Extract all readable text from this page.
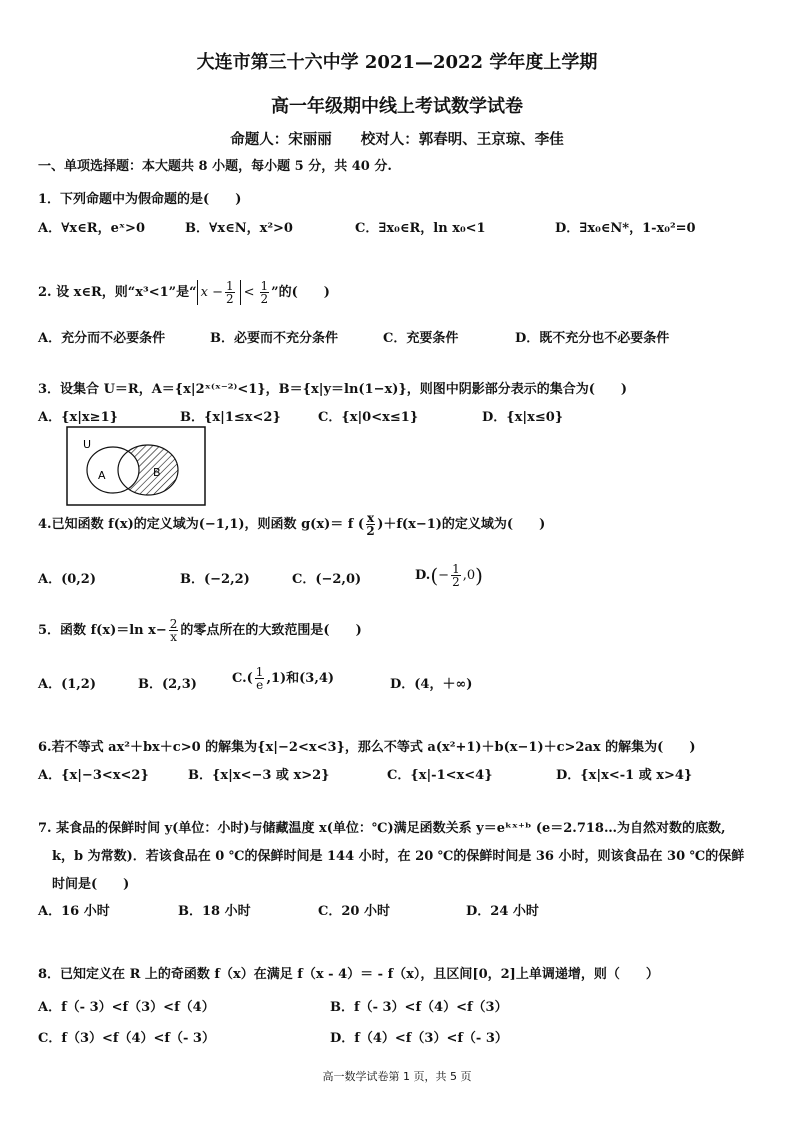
大连市第三十六中学 2021—2022 学年度上学期
高一年级期中线上考试数学试卷
命题人：宋丽丽　　校对人：郭春明、王京琼、李佳
一、单项选择题：本大题共 8 小题，每小题 5 分，共 40 分.
1．下列命题中为假命题的是(　　)
A．∀x∈R，eˣ>0	B．∀x∈N，x²>0	C．∃x₀∈R，ln x₀<1	D．∃x₀∈N*，1-x₀²=0
2. 设 x∈R，则“x³<1”是“ $x - \frac{1}{2} < \frac{1}{2}$ ”的(　　)
A．充分而不必要条件	B．必要而不充分条件	C．充要条件	D．既不充分也不必要条件
3．设集合 U＝R，A＝{x|2ˣ⁽ˣ⁻²⁾<1}，B＝{x|y＝ln(1−x)}，则图中阴影部分表示的集合为(　　)
A．{x|x≥1}	B．{x|1≤x<2}	C．{x|0<x≤1}	D．{x|x≤0}
U
A	B
4.已知函数 f(x)的定义域为(−1,1)，则函数 g(x)＝ f ( $\frac{x}{2} )+f(x-1)$的定义域为(　　)
A．(0,2)	B．(−2,2)	C．(−2,0)	$D.(- \frac{1}{2} ,0)$
5．函数 f(x)＝ln $x- \frac{2}{x}$ 的零点所在的大致范围是(　　)
A．(1,2)	B．(2,3)	$C.( \frac{1}{e} ,1)$和(3,4)	D．(4，＋∞)
6.若不等式 ax²＋bx＋c>0 的解集为{x|−2<x<3}，那么不等式 a(x²+1)＋b(x−1)＋c>2ax 的解集为(　　)
A．{x|−3<x<2}	B．{x|x<−3 或 x>2}	C．{x|-1<x<4}	D．{x|x<-1 或 x>4}
7. 某食品的保鲜时间 y(单位：小时)与储藏温度 x(单位：℃)满足函数关系 y＝eᵏˣ⁺ᵇ (e＝2.718…为自然对数的底数,
k，b 为常数)．若该食品在 0 ℃的保鲜时间是 144 小时，在 20 ℃的保鲜时间是 36 小时，则该食品在 30 ℃的保鲜
时间是(　　)
A．16 小时	B．18 小时	C．20 小时	D．24 小时
8．已知定义在 R 上的奇函数 f（x）在满足 f（x - 4）＝ - f（x），且区间[0，2]上单调递增，则（　　）
A．f（- 3）<f（3）<f（4）	B．f（- 3）<f（4）<f（3）
C．f（3）<f（4）<f（- 3）	D．f（4）<f（3）<f（- 3）
高一数学试卷第 1 页，共 5 页
